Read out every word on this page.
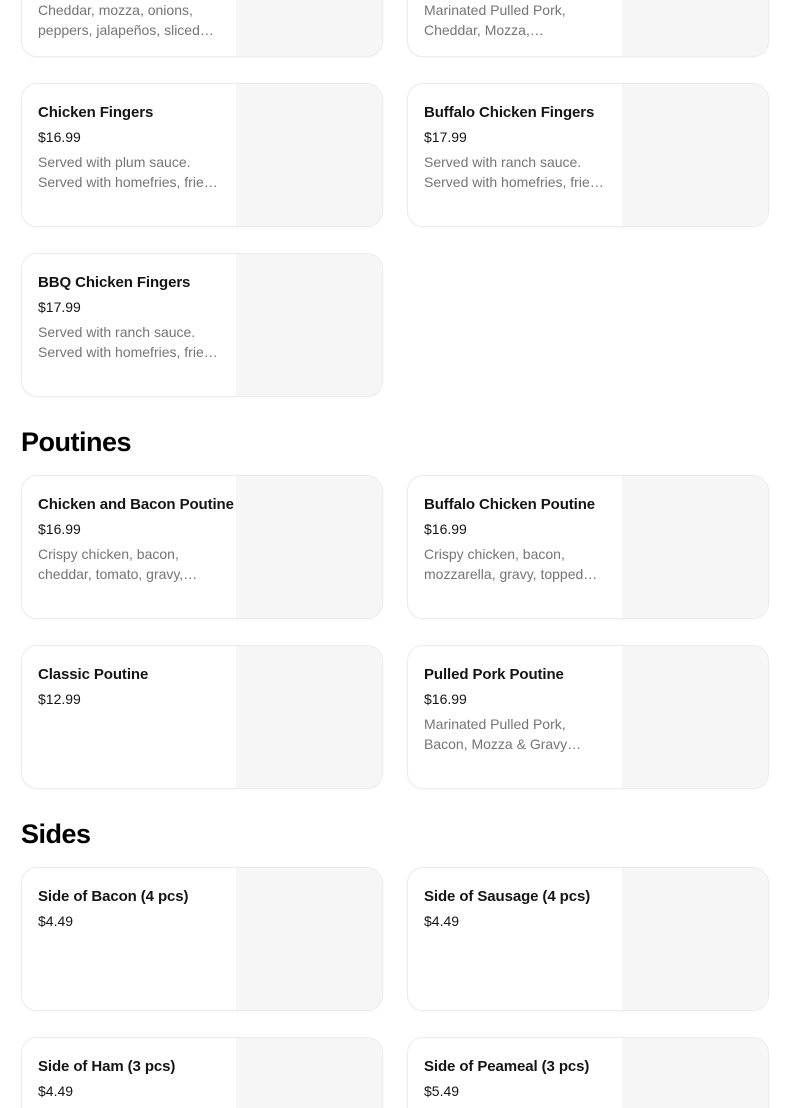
Cheddar, mozza, onions,
peppers, jalapeños, sliced…
Marinated Pulled Pork,
Cheddar, Mozza,…
Chicken Fingers
$16.99
Served with plum sauce.
Served with homefries, frie…
Buffalo Chicken Fingers
$17.99
Served with ranch sauce.
Served with homefries, frie…
BBQ Chicken Fingers
$17.99
Served with ranch sauce.
Served with homefries, frie…
Poutines
Chicken and Bacon Poutine
$16.99
Crispy chicken, bacon,
cheddar, tomato, gravy,…
Buffalo Chicken Poutine
$16.99
Crispy chicken, bacon,
mozzarella, gravy, topped…
Classic Poutine
$12.99
Pulled Pork Poutine
$16.99
Marinated Pulled Pork,
Bacon, Mozza & Gravy…
Sides
Side of Bacon (4 pcs)
$4.49
Side of Sausage (4 pcs)
$4.49
Side of Ham (3 pcs)
$4.49
Side of Peameal (3 pcs)
$5.49
